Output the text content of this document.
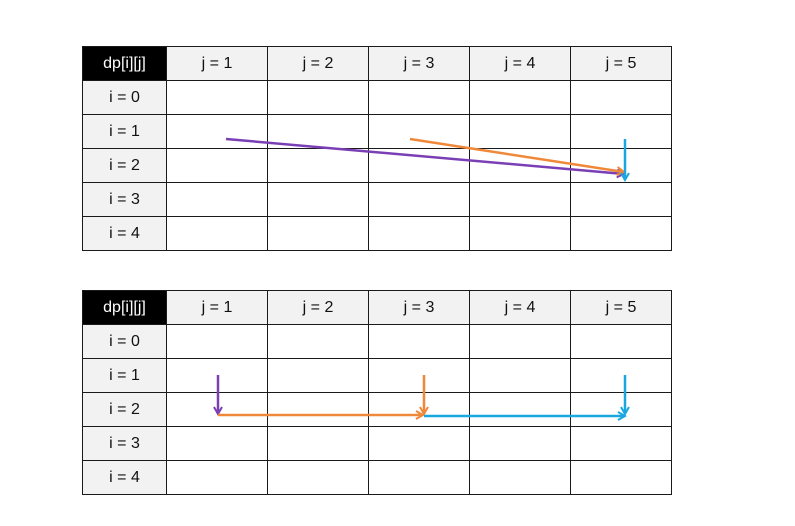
dp[i][j]	j = 1	j = 2	j = 3	j = 4	j = 5
i = 0					
i = 1					
i = 2					
i = 3					
i = 4					
dp[i][j]	j = 1	j = 2	j = 3	j = 4	j = 5
i = 0					
i = 1					
i = 2					
i = 3					
i = 4					
